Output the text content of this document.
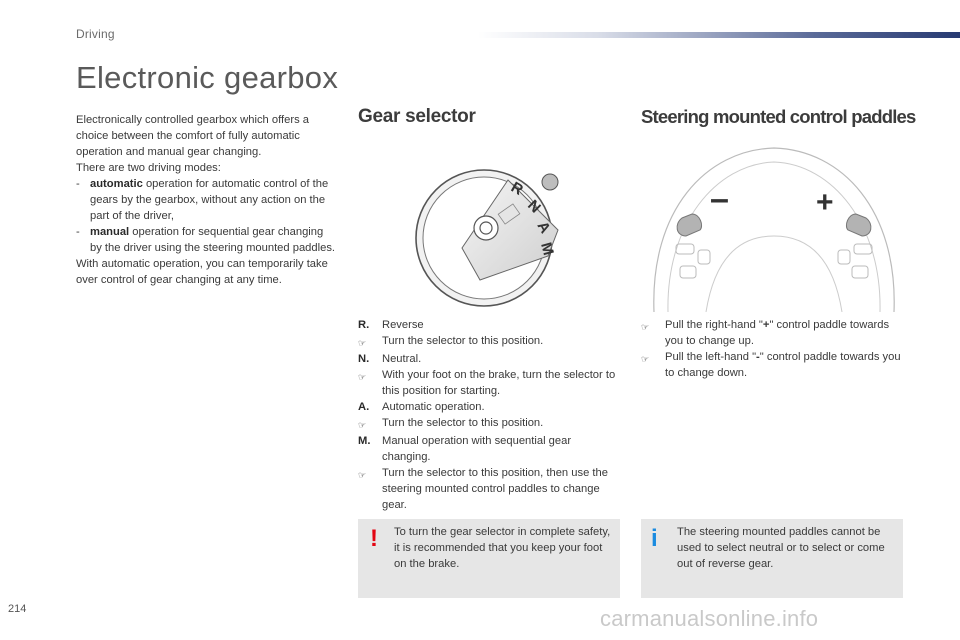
Driving
Electronic gearbox

Electronically controlled gearbox which offers a choice between the comfort of fully automatic operation and manual gear changing.

There are two driving modes:

- automatic operation for automatic control of the gears by the gearbox, without any action on the part of the driver,
- manual operation for sequential gear changing by the driver using the steering mounted paddles.

With automatic operation, you can temporarily take over control of gear changing at any time.

Gear selector	Steering mounted control paddles
R
N
A
M
–	+
R.	Reverse
☞	Turn the selector to this position.
N.	Neutral.
☞	With your foot on the brake, turn the selector to this position for starting.
A.	Automatic operation.
☞	Turn the selector to this position.
M.	Manual operation with sequential gear changing.
☞	Turn the selector to this position, then use the steering mounted control paddles to change gear.
☞	Pull the right-hand "+" control paddle towards you to change up.
☞	Pull the left-hand "-" control paddle towards you to change down.
! To turn the gear selector in complete safety, it is recommended that you keep your foot on the brake.
i The steering mounted paddles cannot be used to select neutral or to select or come out of reverse gear.
214	carmanualsonline.info
